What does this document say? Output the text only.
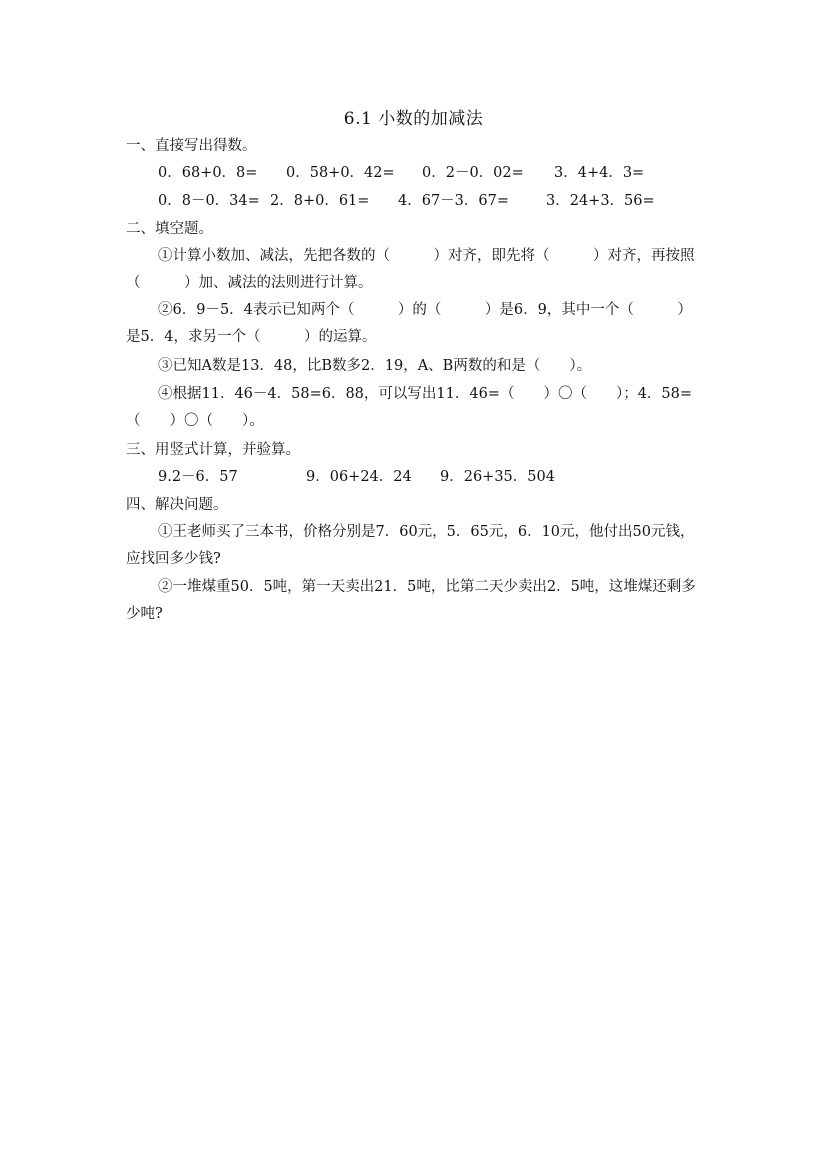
6.1 小数的加减法
一、直接写出得数。
0．68+0．8= 0．58+0．42= 0．2－0．02= 3．4+4．3=
0．8－0．34= 2．8+0．61= 4．67－3．67=	3．24+3．56=
二、填空题。
①计算小数加、减法，先把各数的（　　　）对齐，即先将（　　　）对齐，再按照（　　　）加、减法的法则进行计算。
②6．9－5．4表示已知两个（　　　）的（　　　）是6．9，其中一个（　　　）是5．4，求另一个（　　　）的运算。
③已知A数是13．48，比B数多2．19，A、B两数的和是（　　）。
④根据11．46－4．58=6．88，可以写出11．46=（　　）〇（　　）；4．58=（　　）〇（　　）。
三、用竖式计算，并验算。
9.2－6．57	9．06+24．24 9．26+35．504
四、解决问题。
①王老师买了三本书，价格分别是7．60元，5．65元，6．10元，他付出50元钱，应找回多少钱?
②一堆煤重50．5吨，第一天卖出21．5吨，比第二天少卖出2．5吨，这堆煤还剩多少吨?
